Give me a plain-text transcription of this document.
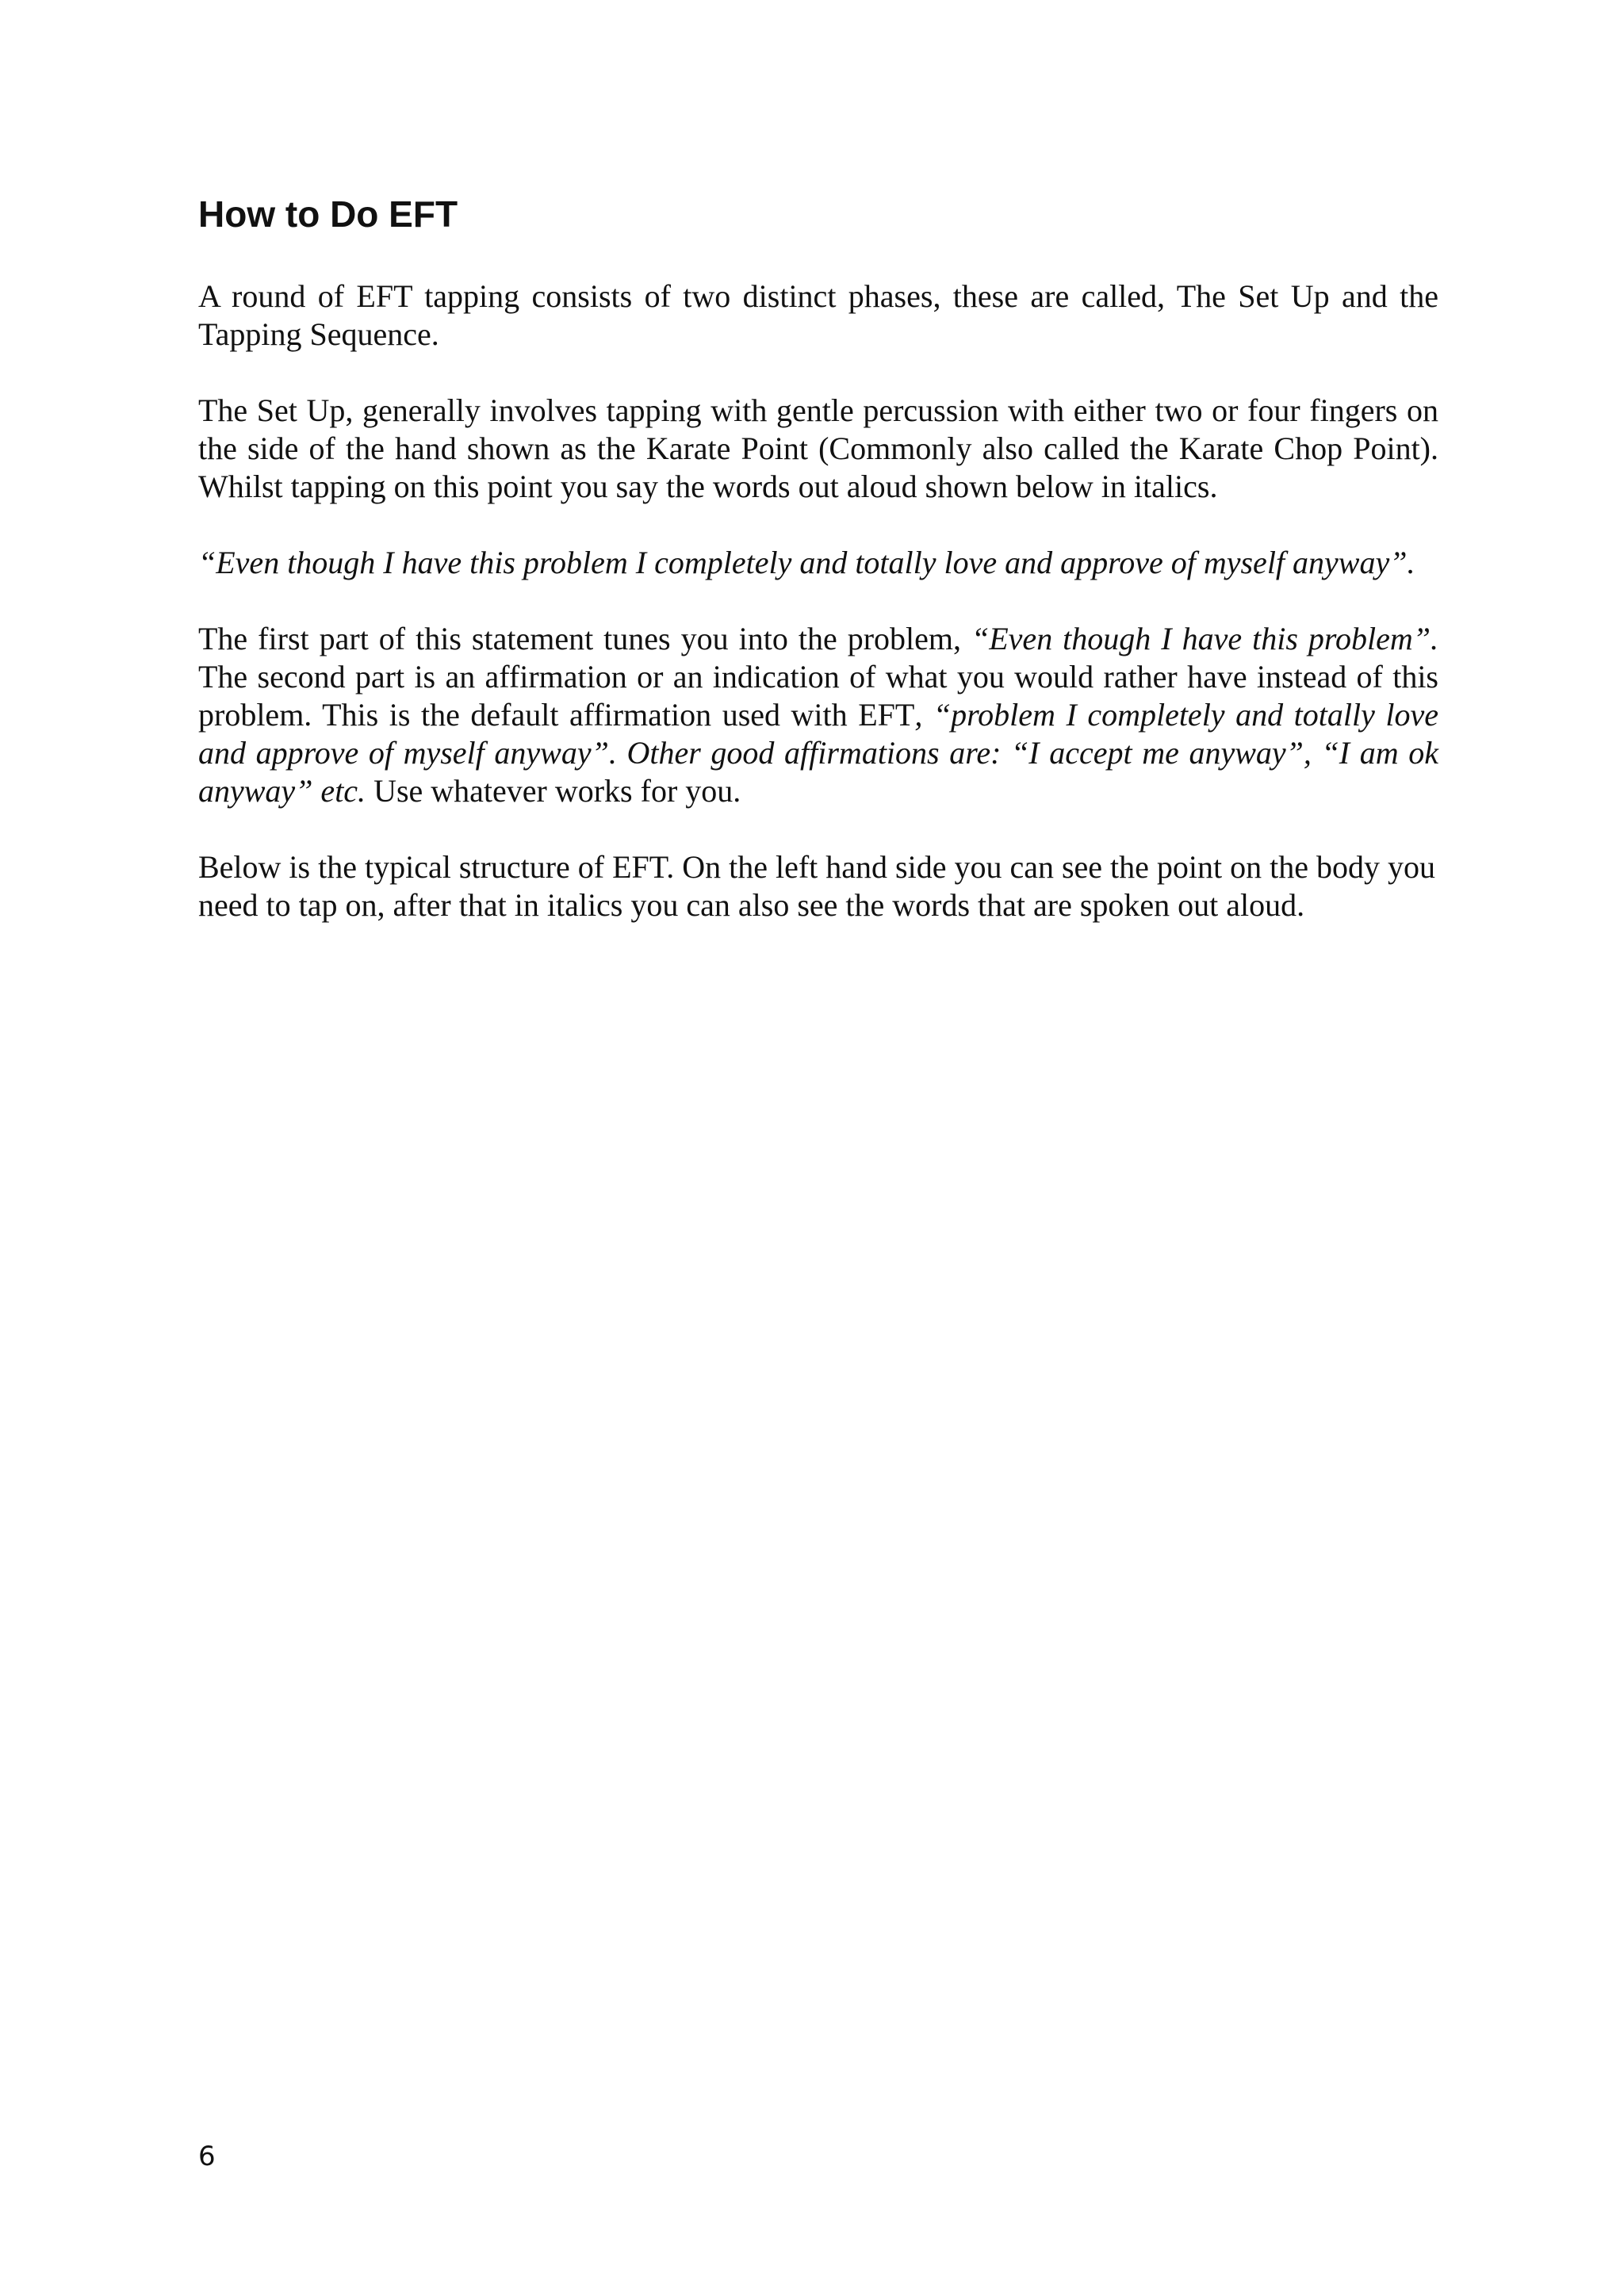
How to Do EFT

A round of EFT tapping consists of two distinct phases, these are called, The Set Up and the Tapping Sequence.

The Set Up, generally involves tapping with gentle percussion with either two or four fingers on the side of the hand shown as the Karate Point (Commonly also called the Karate Chop Point). Whilst tapping on this point you say the words out aloud shown below in italics.

“Even though I have this problem I completely and totally love and approve of myself anyway”.

The first part of this statement tunes you into the problem, “Even though I have this problem”. The second part is an affirmation or an indication of what you would rather have instead of this problem. This is the default affirmation used with EFT, “problem I completely and totally love and approve of myself anyway”. Other good affirmations are: “I accept me anyway”, “I am ok anyway” etc. Use whatever works for you.

Below is the typical structure of EFT. On the left hand side you can see the point on the body you need to tap on, after that in italics you can also see the words that are spoken out aloud.

6
